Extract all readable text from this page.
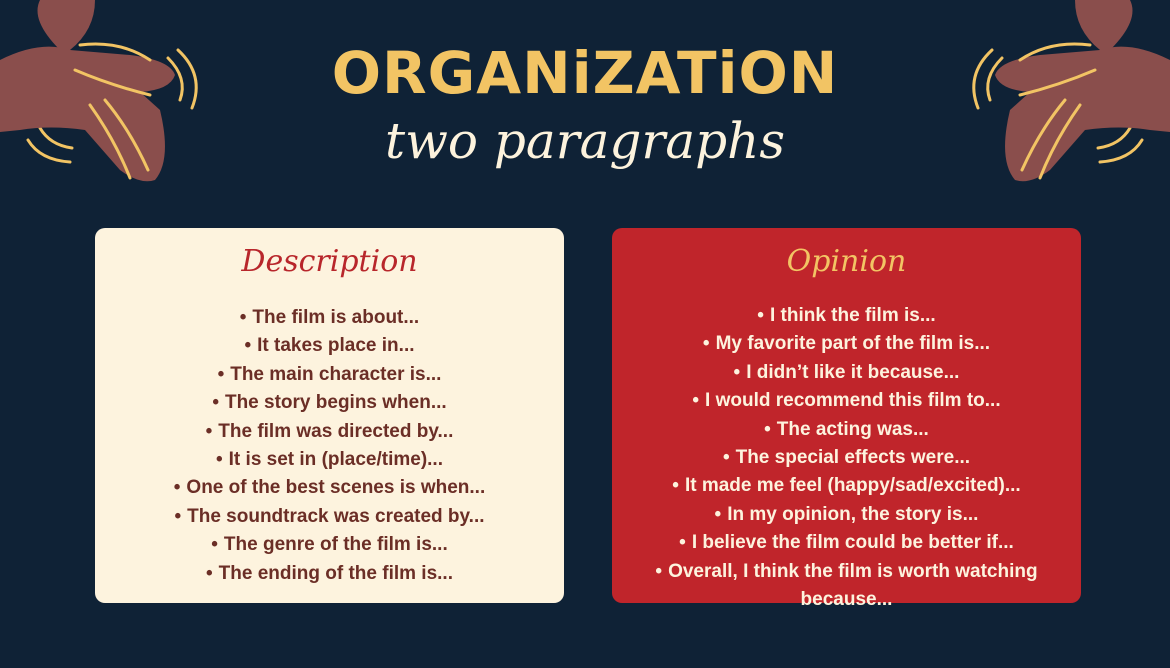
ORGANiZATiON
two paragraphs
Description
• The film is about...
• It takes place in...
• The main character is...
• The story begins when...
• The film was directed by...
• It is set in (place/time)...
• One of the best scenes is when...
• The soundtrack was created by...
• The genre of the film is...
• The ending of the film is...
Opinion
• I think the film is...
• My favorite part of the film is...
• I didn’t like it because...
• I would recommend this film to...
• The acting was...
• The special effects were...
• It made me feel (happy/sad/excited)...
• In my opinion, the story is...
• I believe the film could be better if...
• Overall, I think the film is worth watching because...
